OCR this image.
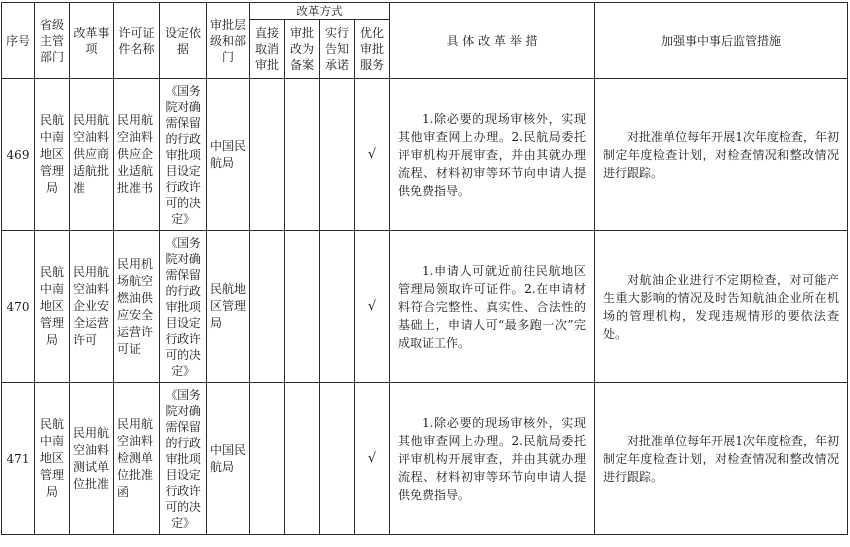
序号	省级主管部门	改革事项	许可证件名称	设定依据	审批层级和部门	改革方式				具 体 改 革 举 措	加强事中事后监管措施
						直接取消审批	审批改为备案	实行告知承诺	优化审批服务		
469	民航中南地区管理局	民用航空油料供应商适航批准	民用航空油料供应企业适航批准书	《国务院对确需保留的行政审批项目设定行政许可的决定》	中国民航局				√	1.除必要的现场审核外，实现其他审查网上办理。2.民航局委托评审机构开展审查，并由其就办理流程、材料初审等环节向申请人提供免费指导。	对批准单位每年开展1次年度检查，年初制定年度检查计划，对检查情况和整改情况进行跟踪。

470	民航中南地区管理局	民用航空油料企业安全运营许可	民用机场航空燃油供应安全运营许可证	《国务院对确需保留的行政审批项目设定行政许可的决定》	民航地区管理局				√	1.申请人可就近前往民航地区管理局领取许可证件。2.在申请材料符合完整性、真实性、合法性的基础上，申请人可“最多跑一次”完成取证工作。	对航油企业进行不定期检查，对可能产生重大影响的情况及时告知航油企业所在机场的管理机构，发现违规情形的要依法查处。

471	民航中南地区管理局	民用航空油料测试单位批准	民用航空油料检测单位批准函	《国务院对确需保留的行政审批项目设定行政许可的决定》	中国民航局				√	1.除必要的现场审核外，实现其他审查网上办理。2.民航局委托评审机构开展审查，并由其就办理流程、材料初审等环节向申请人提供免费指导。	对批准单位每年开展1次年度检查，年初制定年度检查计划，对检查情况和整改情况进行跟踪。
